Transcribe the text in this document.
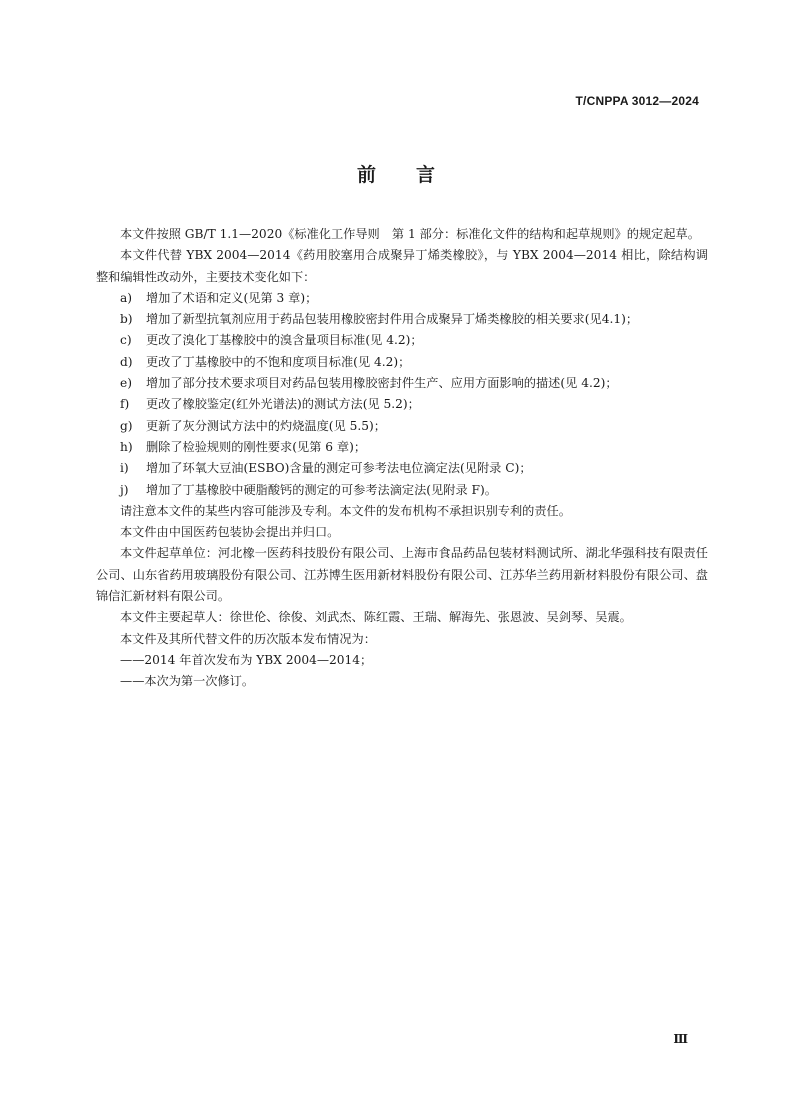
T/CNPPA 3012—2024
前 言

本文件按照 GB/T 1.1—2020《标准化工作导则　第 1 部分：标准化文件的结构和起草规则》的规定起草。

本文件代替 YBX 2004—2014《药用胶塞用合成聚异丁烯类橡胶》，与 YBX 2004—2014 相比，除结构调整和编辑性改动外，主要技术变化如下：

a) 增加了术语和定义(见第 3 章)；

b) 增加了新型抗氧剂应用于药品包装用橡胶密封件用合成聚异丁烯类橡胶的相关要求(见4.1)；

c) 更改了溴化丁基橡胶中的溴含量项目标准(见 4.2)；

d) 更改了丁基橡胶中的不饱和度项目标准(见 4.2)；

e) 增加了部分技术要求项目对药品包装用橡胶密封件生产、应用方面影响的描述(见 4.2)；

f) 更改了橡胶鉴定(红外光谱法)的测试方法(见 5.2)；

g) 更新了灰分测试方法中的灼烧温度(见 5.5)；

h) 删除了检验规则的刚性要求(见第 6 章)；

i) 增加了环氧大豆油(ESBO)含量的测定可参考法电位滴定法(见附录 C)；

j) 增加了丁基橡胶中硬脂酸钙的测定的可参考法滴定法(见附录 F)。

请注意本文件的某些内容可能涉及专利。本文件的发布机构不承担识别专利的责任。

本文件由中国医药包装协会提出并归口。

本文件起草单位：河北橡一医药科技股份有限公司、上海市食品药品包装材料测试所、湖北华强科技有限责任公司、山东省药用玻璃股份有限公司、江苏博生医用新材料股份有限公司、江苏华兰药用新材料股份有限公司、盘锦信汇新材料有限公司。

本文件主要起草人：徐世伦、徐俊、刘武杰、陈红霞、王瑞、解海先、张恩波、吴剑琴、吴震。

本文件及其所代替文件的历次版本发布情况为：

——2014 年首次发布为 YBX 2004—2014；

——本次为第一次修订。

Ⅲ
